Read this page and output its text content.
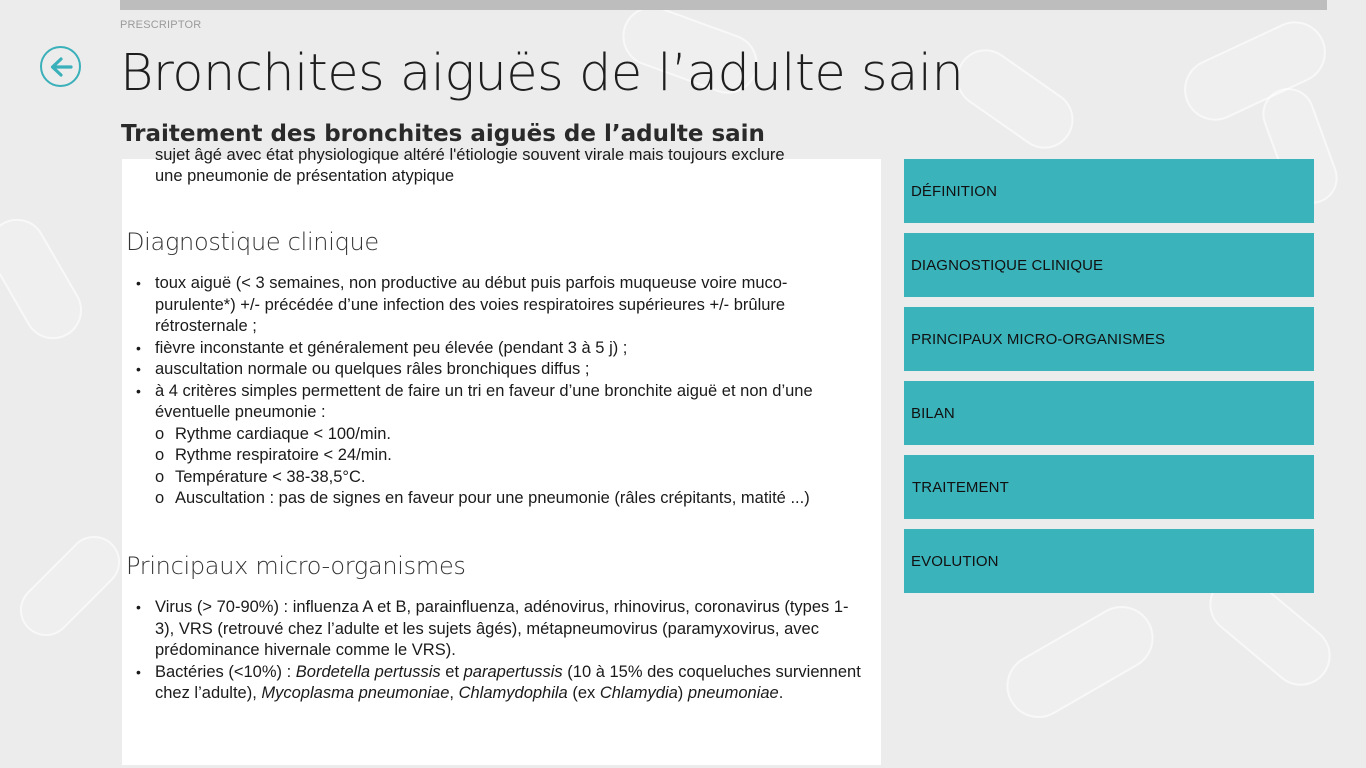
PRESCRIPTOR
Bronchites aiguës de l’adulte sain
Traitement des bronchites aiguës de l’adulte sain
sujet âgé avec état physiologique altéré l'étiologie souvent virale mais toujours exclure
une pneumonie de présentation atypique
Diagnostique clinique
• toux aiguë (< 3 semaines, non productive au début puis parfois muqueuse voire muco-purulente*) +/- précédée d’une infection des voies respiratoires supérieures +/- brûlure rétrosternale ;
• fièvre inconstante et généralement peu élevée (pendant 3 à 5 j) ;
• auscultation normale ou quelques râles bronchiques diffus ;
• à 4 critères simples permettent de faire un tri en faveur d’une bronchite aiguë et non d’une éventuelle pneumonie :
o Rythme cardiaque < 100/min.
o Rythme respiratoire < 24/min.
o Température < 38-38,5°C.
o Auscultation : pas de signes en faveur pour une pneumonie (râles crépitants, matité ...)
Principaux micro-organismes
• Virus (> 70-90%) : influenza A et B, parainfluenza, adénovirus, rhinovirus, coronavirus (types 1-3), VRS (retrouvé chez l’adulte et les sujets âgés), métapneumovirus (paramyxovirus, avec prédominance hivernale comme le VRS).
• Bactéries (<10%) : Bordetella pertussis et parapertussis (10 à 15% des coqueluches surviennent chez l’adulte), Mycoplasma pneumoniae, Chlamydophila (ex Chlamydia) pneumoniae.
DÉFINITION
DIAGNOSTIQUE CLINIQUE
PRINCIPAUX MICRO-ORGANISMES
BILAN
TRAITEMENT
EVOLUTION
